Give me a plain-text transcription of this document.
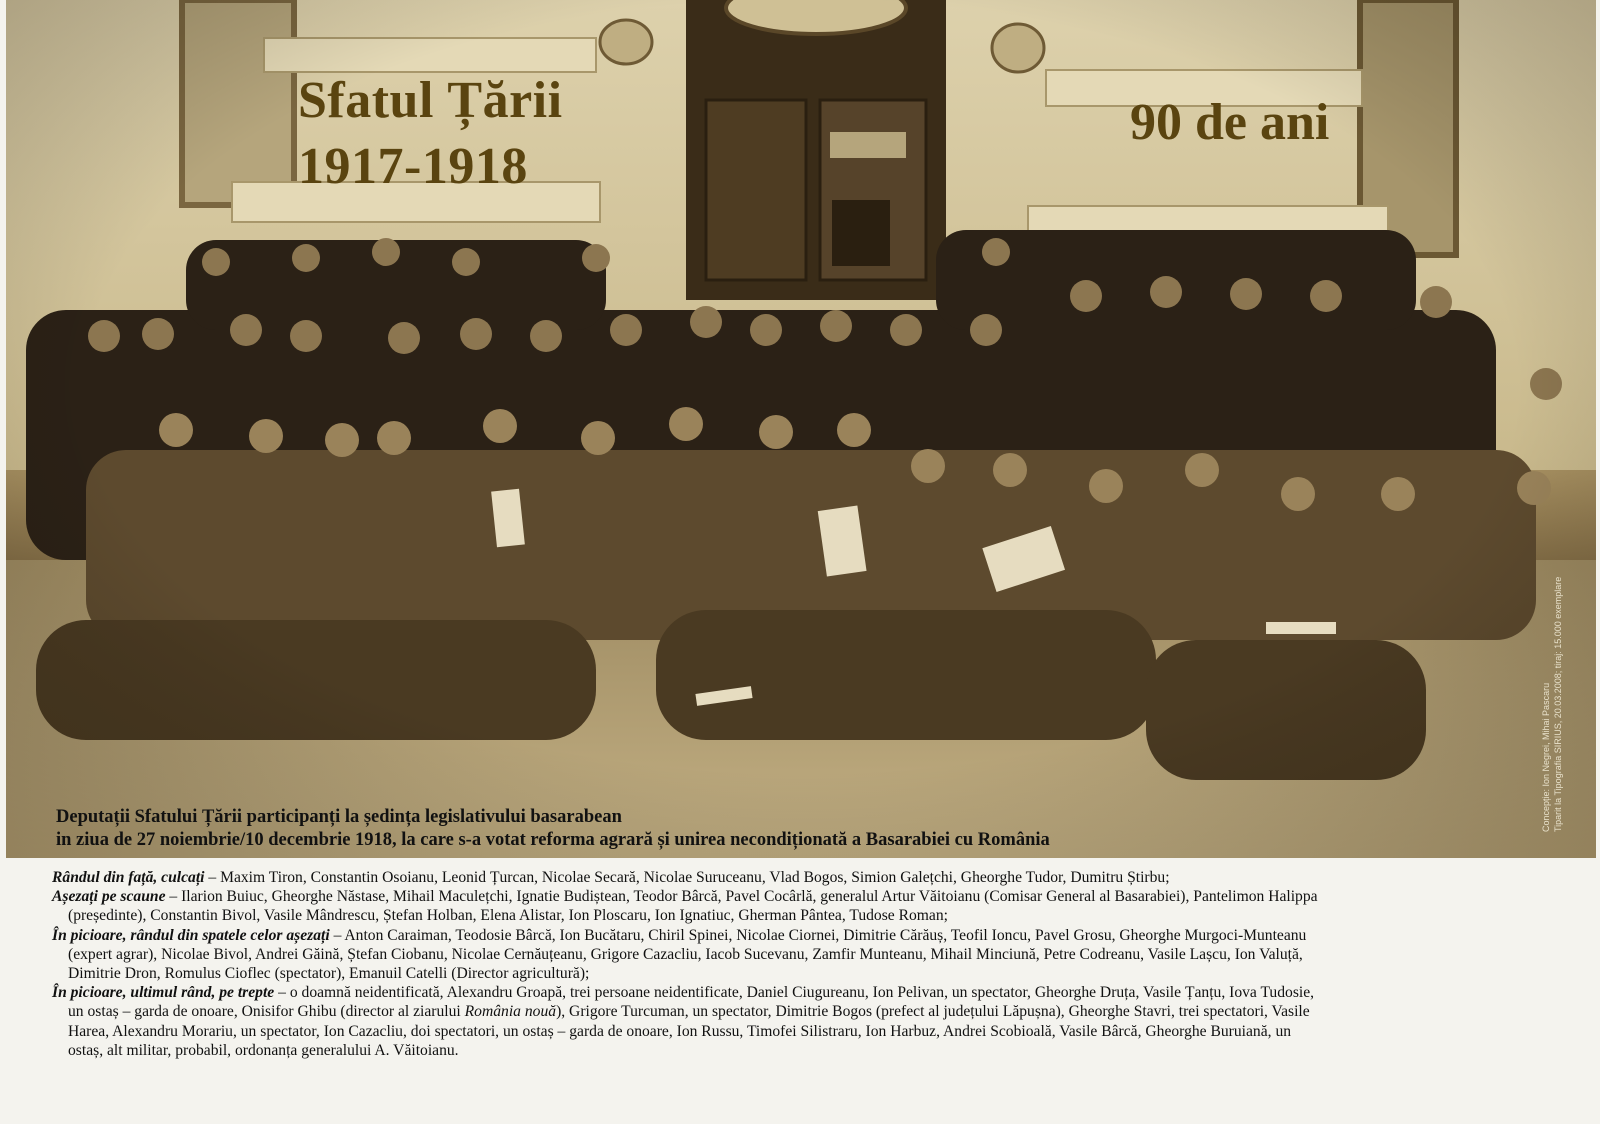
Sfatul Țării
1917-1918
90 de ani
Deputații Sfatului Țării participanți la ședința legislativului basarabean
in ziua de 27 noiembrie/10 decembrie 1918, la care s-a votat reforma agrară și unirea necondiționată a Basarabiei cu România
Concepție: Ion Negrei, Mihai Pascaru Tiparit la Tipografia SIRIUS, 20.03.2008; tiraj: 15.000 exemplare

Rândul din față, culcați – Maxim Tiron, Constantin Osoianu, Leonid Țurcan, Nicolae Secară, Nicolae Suruceanu, Vlad Bogos, Simion Galețchi, Gheorghe Tudor, Dumitru Știrbu;

Așezați pe scaune – Ilarion Buiuc, Gheorghe Năstase, Mihail Maculețchi, Ignatie Budiștean, Teodor Bârcă, Pavel Cocârlă, generalul Artur Văitoianu (Comisar General al Basarabiei), Pantelimon Halippa

(președinte), Constantin Bivol, Vasile Mândrescu, Ștefan Holban, Elena Alistar, Ion Ploscaru, Ion Ignatiuc, Gherman Pântea, Tudose Roman;

În picioare, rândul din spatele celor așezați – Anton Caraiman, Teodosie Bârcă, Ion Bucătaru, Chiril Spinei, Nicolae Ciornei, Dimitrie Cărăuș, Teofil Ioncu, Pavel Grosu, Gheorghe Murgoci-Munteanu

(expert agrar), Nicolae Bivol, Andrei Găină, Ștefan Ciobanu, Nicolae Cernăuțeanu, Grigore Cazacliu, Iacob Sucevanu, Zamfir Munteanu, Mihail Minciună, Petre Codreanu, Vasile Lașcu, Ion Valuță,

Dimitrie Dron, Romulus Cioflec (spectator), Emanuil Catelli (Director agricultură);

În picioare, ultimul rând, pe trepte – o doamnă neidentificată, Alexandru Groapă, trei persoane neidentificate, Daniel Ciugureanu, Ion Pelivan, un spectator, Gheorghe Druța, Vasile Țanțu, Iova Tudosie,

un ostaș – garda de onoare, Onisifor Ghibu (director al ziarului România nouă), Grigore Turcuman, un spectator, Dimitrie Bogos (prefect al județului Lăpușna), Gheorghe Stavri, trei spectatori, Vasile

Harea, Alexandru Morariu, un spectator, Ion Cazacliu, doi spectatori, un ostaș – garda de onoare, Ion Russu, Timofei Silistraru, Ion Harbuz, Andrei Scobioală, Vasile Bârcă, Gheorghe Buruiană, un

ostaș, alt militar, probabil, ordonanța generalului A. Văitoianu.
